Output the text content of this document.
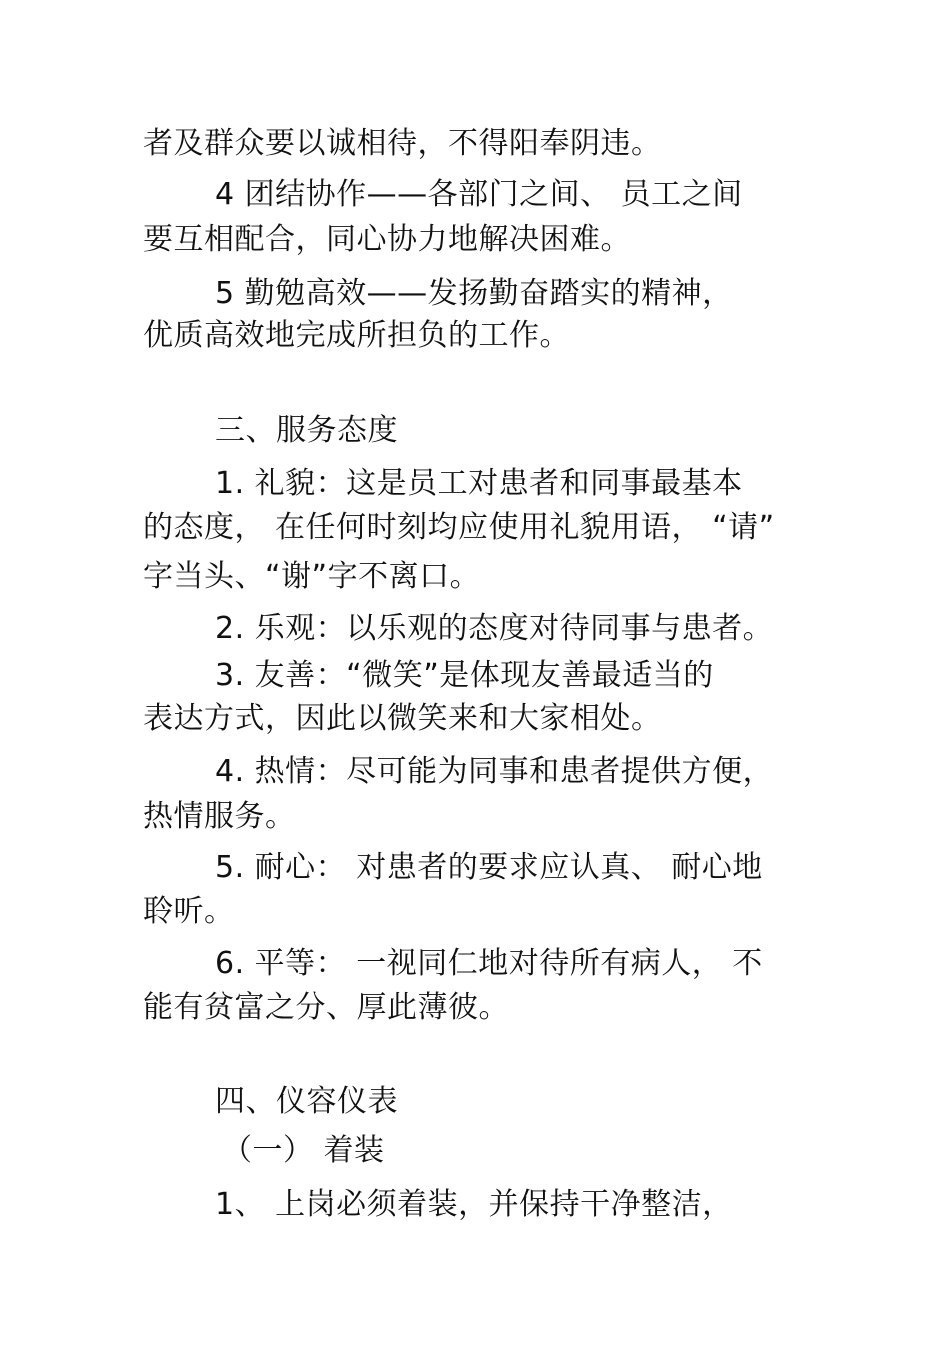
者及群众要以诚相待，不得阳奉阴违。
4 团结协作——各部门之间、 员工之间
要互相配合，同心协力地解决困难。
5 勤勉高效——发扬勤奋踏实的精神，
优质高效地完成所担负的工作。
三、服务态度
1. 礼貌：这是员工对患者和同事最基本
的态度， 在任何时刻均应使用礼貌用语， “请”
字当头、“谢”字不离口。
2. 乐观：以乐观的态度对待同事与患者。
3. 友善：“微笑”是体现友善最适当的
表达方式，因此以微笑来和大家相处。
4. 热情：尽可能为同事和患者提供方便，
热情服务。
5. 耐心： 对患者的要求应认真、 耐心地
聆听。
6. 平等： 一视同仁地对待所有病人， 不
能有贫富之分、厚此薄彼。
四、仪容仪表
（一） 着装
1、 上岗必须着装，并保持干净整洁，
